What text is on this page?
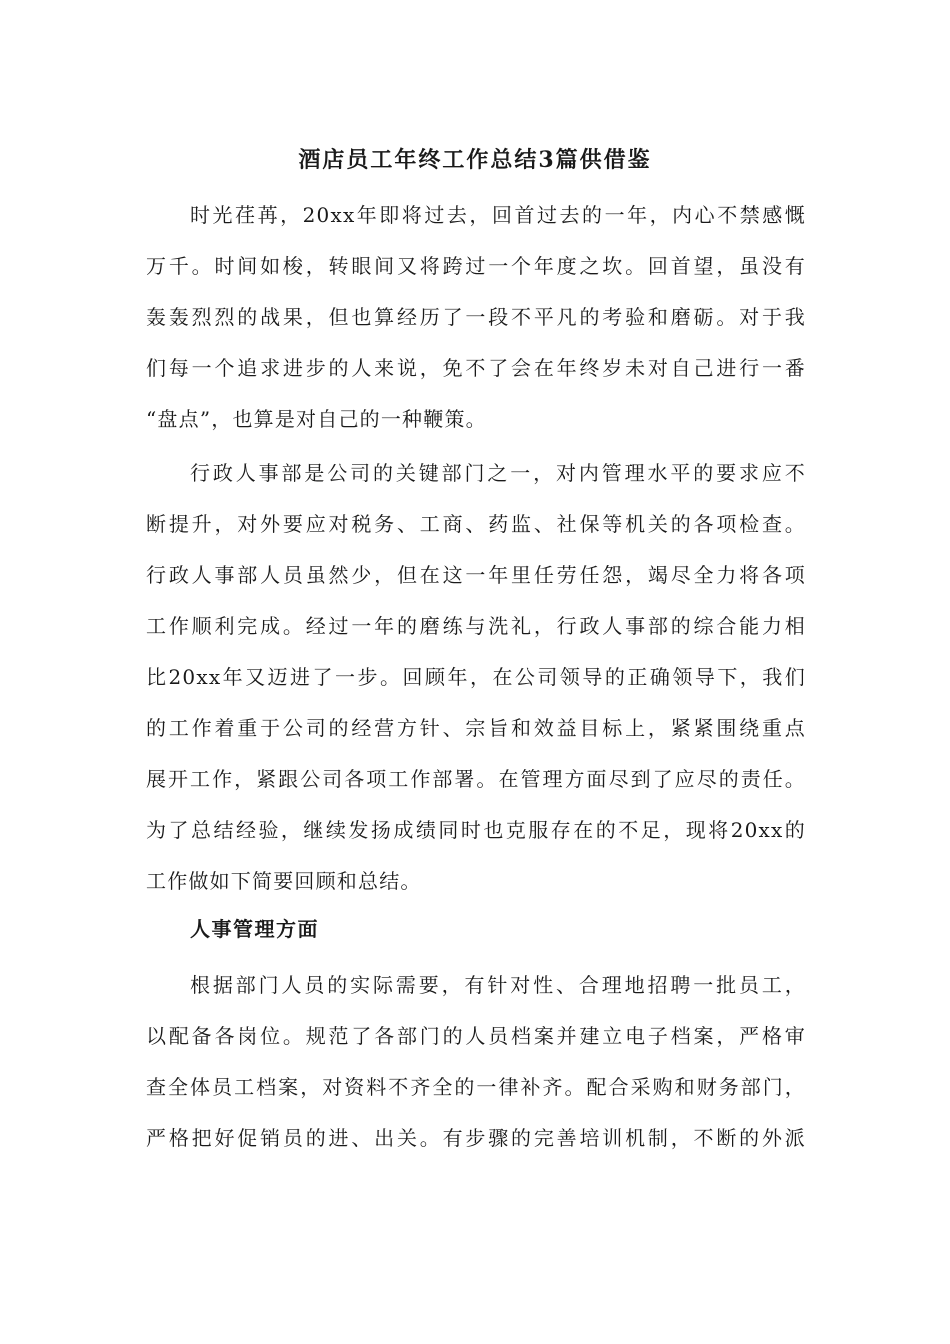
酒店员工年终工作总结3篇供借鉴
时光荏苒，20xx年即将过去，回首过去的一年，内心不禁感慨
万千。时间如梭，转眼间又将跨过一个年度之坎。回首望，虽没有
轰轰烈烈的战果，但也算经历了一段不平凡的考验和磨砺。对于我
们每一个追求进步的人来说，免不了会在年终岁未对自己进行一番
“盘点”，也算是对自己的一种鞭策。
行政人事部是公司的关键部门之一，对内管理水平的要求应不
断提升，对外要应对税务、工商、药监、社保等机关的各项检查。
行政人事部人员虽然少，但在这一年里任劳任怨，竭尽全力将各项
工作顺利完成。经过一年的磨练与洗礼，行政人事部的综合能力相
比20xx年又迈进了一步。回顾年，在公司领导的正确领导下，我们
的工作着重于公司的经营方针、宗旨和效益目标上，紧紧围绕重点
展开工作，紧跟公司各项工作部署。在管理方面尽到了应尽的责任。
为了总结经验，继续发扬成绩同时也克服存在的不足，现将20xx的
工作做如下简要回顾和总结。
人事管理方面
根据部门人员的实际需要，有针对性、合理地招聘一批员工，
以配备各岗位。规范了各部门的人员档案并建立电子档案，严格审
查全体员工档案，对资料不齐全的一律补齐。配合采购和财务部门，
严格把好促销员的进、出关。有步骤的完善培训机制，不断的外派
